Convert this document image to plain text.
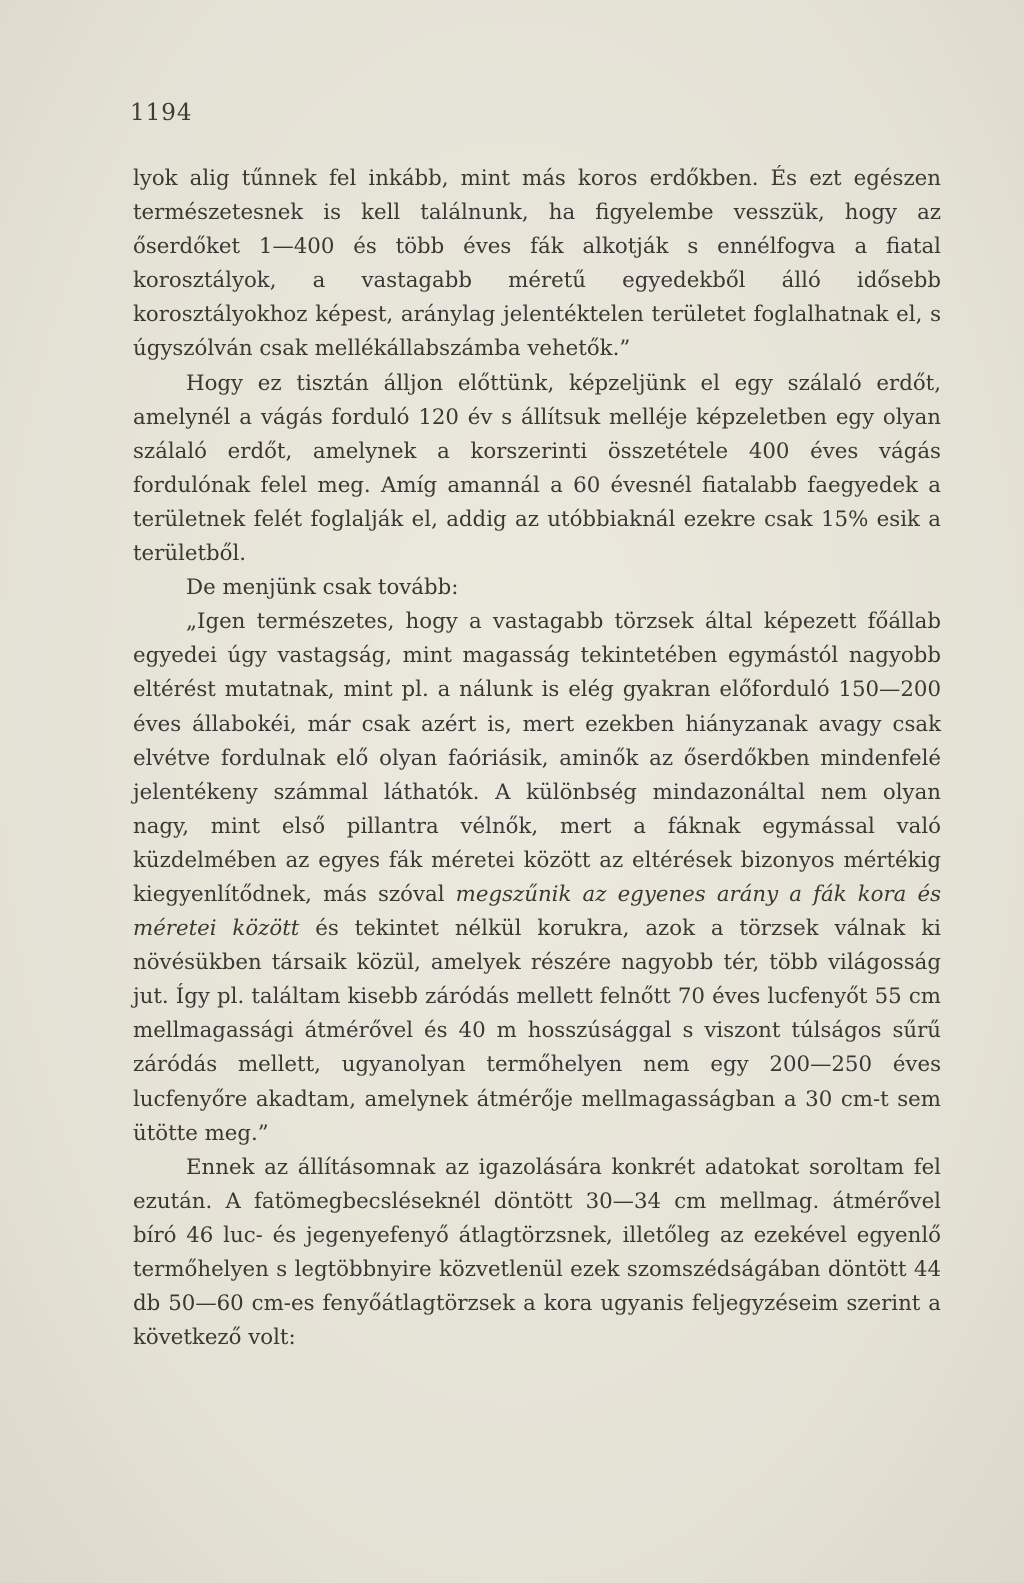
1194

lyok alig tűnnek fel inkább, mint más koros erdőkben. És ezt egészen természetesnek is kell találnunk, ha figyelembe vesszük, hogy az őserdőket 1—400 és több éves fák alkotják s ennélfogva a fiatal korosztályok, a vastagabb méretű egyedekből álló idősebb korosztályokhoz képest, aránylag jelentéktelen területet foglalhatnak el, s úgyszólván csak mellékállabszámba vehetők.”

Hogy ez tisztán álljon előttünk, képzeljünk el egy szálaló erdőt, amelynél a vágás forduló 120 év s állítsuk melléje képzeletben egy olyan szálaló erdőt, amelynek a korszerinti összetétele 400 éves vágás fordulónak felel meg. Amíg amannál a 60 évesnél fiatalabb faegyedek a területnek felét foglalják el, addig az utóbbiaknál ezekre csak 15% esik a területből.

De menjünk csak tovább:

„Igen természetes, hogy a vastagabb törzsek által képezett főállab egyedei úgy vastagság, mint magasság tekintetében egymástól nagyobb eltérést mutatnak, mint pl. a nálunk is elég gyakran előforduló 150—200 éves állabokéi, már csak azért is, mert ezekben hiányzanak avagy csak elvétve fordulnak elő olyan faóriásik, aminők az őserdőkben mindenfelé jelentékeny számmal láthatók. A különbség mindazonáltal nem olyan nagy, mint első pillantra vélnők, mert a fáknak egymással való küzdelmében az egyes fák méretei között az eltérések bizonyos mértékig kiegyenlítődnek, más szóval megszűnik az egyenes arány a fák kora és méretei között és tekintet nélkül korukra, azok a törzsek válnak ki növésükben társaik közül, amelyek részére nagyobb tér, több világosság jut. Így pl. találtam kisebb záródás mellett felnőtt 70 éves lucfenyőt 55 cm mellmagassági átmérővel és 40 m hosszúsággal s viszont túlságos sűrű záródás mellett, ugyanolyan termőhelyen nem egy 200—250 éves lucfenyőre akadtam, amelynek átmérője mellmagasságban a 30 cm-t sem ütötte meg.”

Ennek az állításomnak az igazolására konkrét adatokat soroltam fel ezután. A fatömegbecsléseknél döntött 30—34 cm mellmag. átmérővel bíró 46 luc- és jegenyefenyő átlagtörzsnek, illetőleg az ezekével egyenlő termőhelyen s legtöbbnyire közvetlenül ezek szomszédságában döntött 44 db 50—60 cm-es fenyőátlagtörzsek a kora ugyanis feljegyzéseim szerint a következő volt:
